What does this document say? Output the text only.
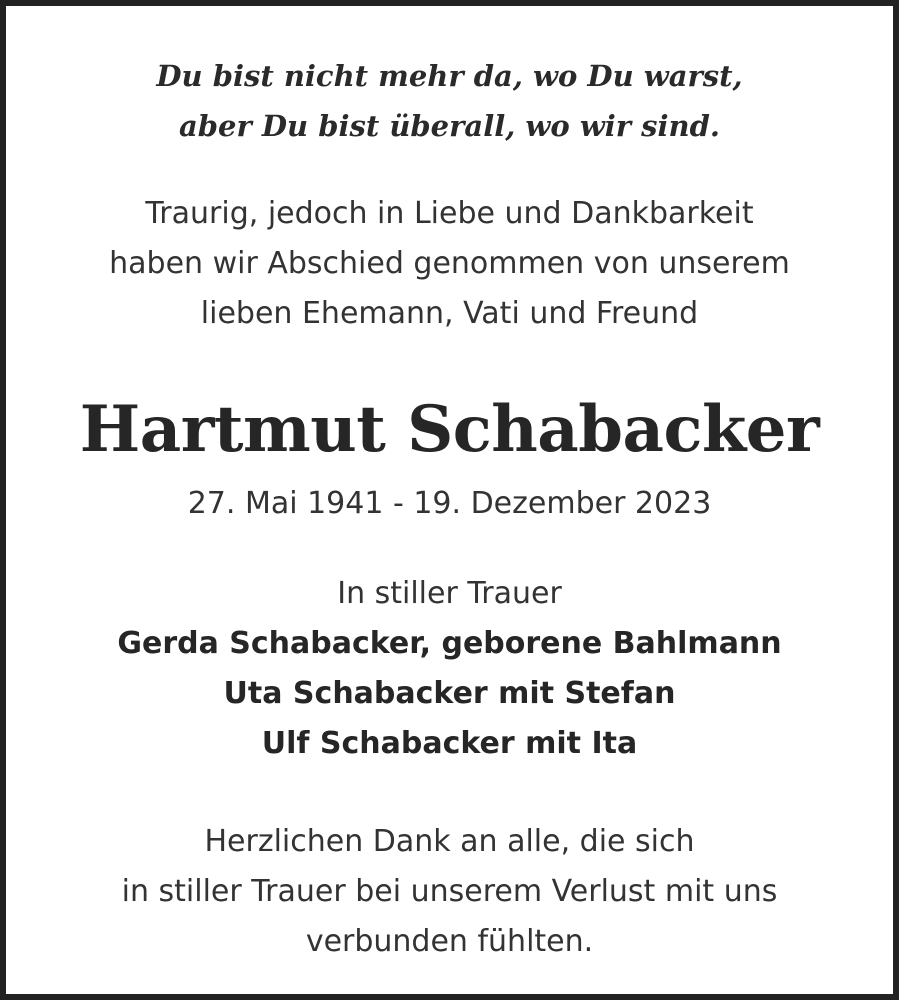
Du bist nicht mehr da, wo Du warst,
aber Du bist überall, wo wir sind.
Traurig, jedoch in Liebe und Dankbarkeit
haben wir Abschied genommen von unserem
lieben Ehemann, Vati und Freund
Hartmut Schabacker
27. Mai 1941 - 19. Dezember 2023
In stiller Trauer
Gerda Schabacker, geborene Bahlmann
Uta Schabacker mit Stefan
Ulf Schabacker mit Ita
Herzlichen Dank an alle, die sich
in stiller Trauer bei unserem Verlust mit uns
verbunden fühlten.
